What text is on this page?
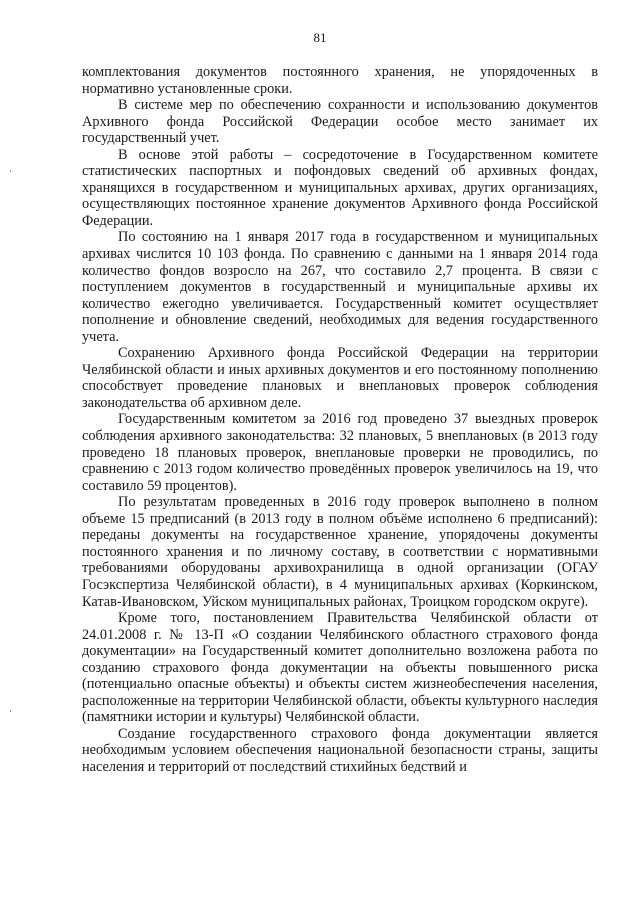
81

комплектования документов постоянного хранения, не упорядоченных в нормативно установленные сроки.

В системе мер по обеспечению сохранности и использованию документов Архивного фонда Российской Федерации особое место занимает их государственный учет.

В основе этой работы – сосредоточение в Государственном комитете статистических паспортных и пофондовых сведений об архивных фондах, хранящихся в государственном и муниципальных архивах, других организациях, осуществляющих постоянное хранение документов Архивного фонда Российской Федерации.

По состоянию на 1 января 2017 года в государственном и муниципальных архивах числится 10 103 фонда. По сравнению с данными на 1 января 2014 года количество фондов возросло на 267, что составило 2,7 процента. В связи с поступлением документов в государственный и муниципальные архивы их количество ежегодно увеличивается. Государственный комитет осуществляет пополнение и обновление сведений, необходимых для ведения государственного учета.

Сохранению Архивного фонда Российской Федерации на территории Челябинской области и иных архивных документов и его постоянному пополнению способствует проведение плановых и внеплановых проверок соблюдения законодательства об архивном деле.

Государственным комитетом за 2016 год проведено 37 выездных проверок соблюдения архивного законодательства: 32 плановых, 5 внеплановых (в 2013 году проведено 18 плановых проверок, внеплановые проверки не проводились, по сравнению с 2013 годом количество проведённых проверок увеличилось на 19, что составило 59 процентов).

По результатам проведенных в 2016 году проверок выполнено в полном объеме 15 предписаний (в 2013 году в полном объёме исполнено 6 предписаний): переданы документы на государственное хранение, упорядочены документы постоянного хранения и по личному составу, в соответствии с нормативными требованиями оборудованы архивохранилища в одной организации (ОГАУ Госэкспертиза Челябинской области), в 4 муниципальных архивах (Коркинском, Катав-Ивановском, Уйском муниципальных районах, Троицком городском округе).

Кроме того, постановлением Правительства Челябинской области от 24.01.2008 г. № 13-П «О создании Челябинского областного страхового фонда документации» на Государственный комитет дополнительно возложена работа по созданию страхового фонда документации на объекты повышенного риска (потенциально опасные объекты) и объекты систем жизнеобеспечения населения, расположенные на территории Челябинской области, объекты культурного наследия (памятники истории и культуры) Челябинской области.

Создание государственного страхового фонда документации является необходимым условием обеспечения национальной безопасности страны, защиты населения и территорий от последствий стихийных бедствий и
